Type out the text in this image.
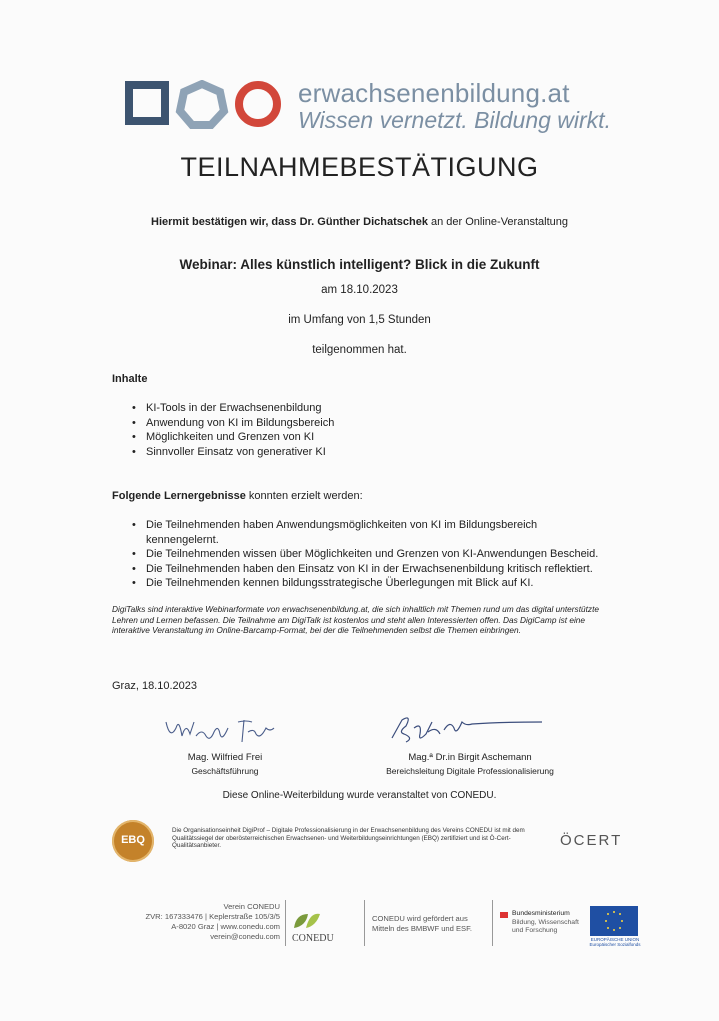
erwachsenenbildung.at
Wissen vernetzt. Bildung wirkt.
TEILNAHMEBESTÄTIGUNG
Hiermit bestätigen wir, dass Dr. Günther Dichatschek an der Online-Veranstaltung
Webinar: Alles künstlich intelligent? Blick in die Zukunft
am 18.10.2023
im Umfang von 1,5 Stunden
teilgenommen hat.
Inhalte
• KI-Tools in der Erwachsenenbildung
• Anwendung von KI im Bildungsbereich
• Möglichkeiten und Grenzen von KI
• Sinnvoller Einsatz von generativer KI
Folgende Lernergebnisse konnten erzielt werden:
• Die Teilnehmenden haben Anwendungsmöglichkeiten von KI im Bildungsbereich kennengelernt.
• Die Teilnehmenden wissen über Möglichkeiten und Grenzen von KI-Anwendungen Bescheid.
• Die Teilnehmenden haben den Einsatz von KI in der Erwachsenenbildung kritisch reflektiert.
• Die Teilnehmenden kennen bildungsstrategische Überlegungen mit Blick auf KI.
DigiTalks sind interaktive Webinarformate von erwachsenenbildung.at, die sich inhaltlich mit Themen rund um das digital unterstützte Lehren und Lernen befassen. Die Teilnahme am DigiTalk ist kostenlos und steht allen Interessierten offen. Das DigiCamp ist eine interaktive Veranstaltung im Online-Barcamp-Format, bei der die Teilnehmenden selbst die Themen einbringen.
Graz, 18.10.2023
Mag. Wilfried Frei
Geschäftsführung
Mag.ª Dr.in Birgit Aschemann
Bereichsleitung Digitale Professionalisierung
Diese Online-Weiterbildung wurde veranstaltet von CONEDU.
EBQ
Die Organisationseinheit DigiProf – Digitale Professionalisierung in der Erwachsenenbildung des Vereins CONEDU ist mit dem Qualitätssiegel der oberösterreichischen Erwachsenen- und Weiterbildungseinrichtungen (EBQ) zertifiziert und ist Ö-Cert-Qualitätsanbieter.	ÖCERT
Verein CONEDU
ZVR: 167333476 | Keplerstraße 105/3/5
A-8020 Graz | www.conedu.com
verein@conedu.com CONEDU
CONEDU wird gefördert aus
Mitteln des BMBWF und ESF.
Bundesministerium
Bildung, Wissenschaft
und Forschung
EUROPÄISCHE UNION
Europäischer Sozialfonds
